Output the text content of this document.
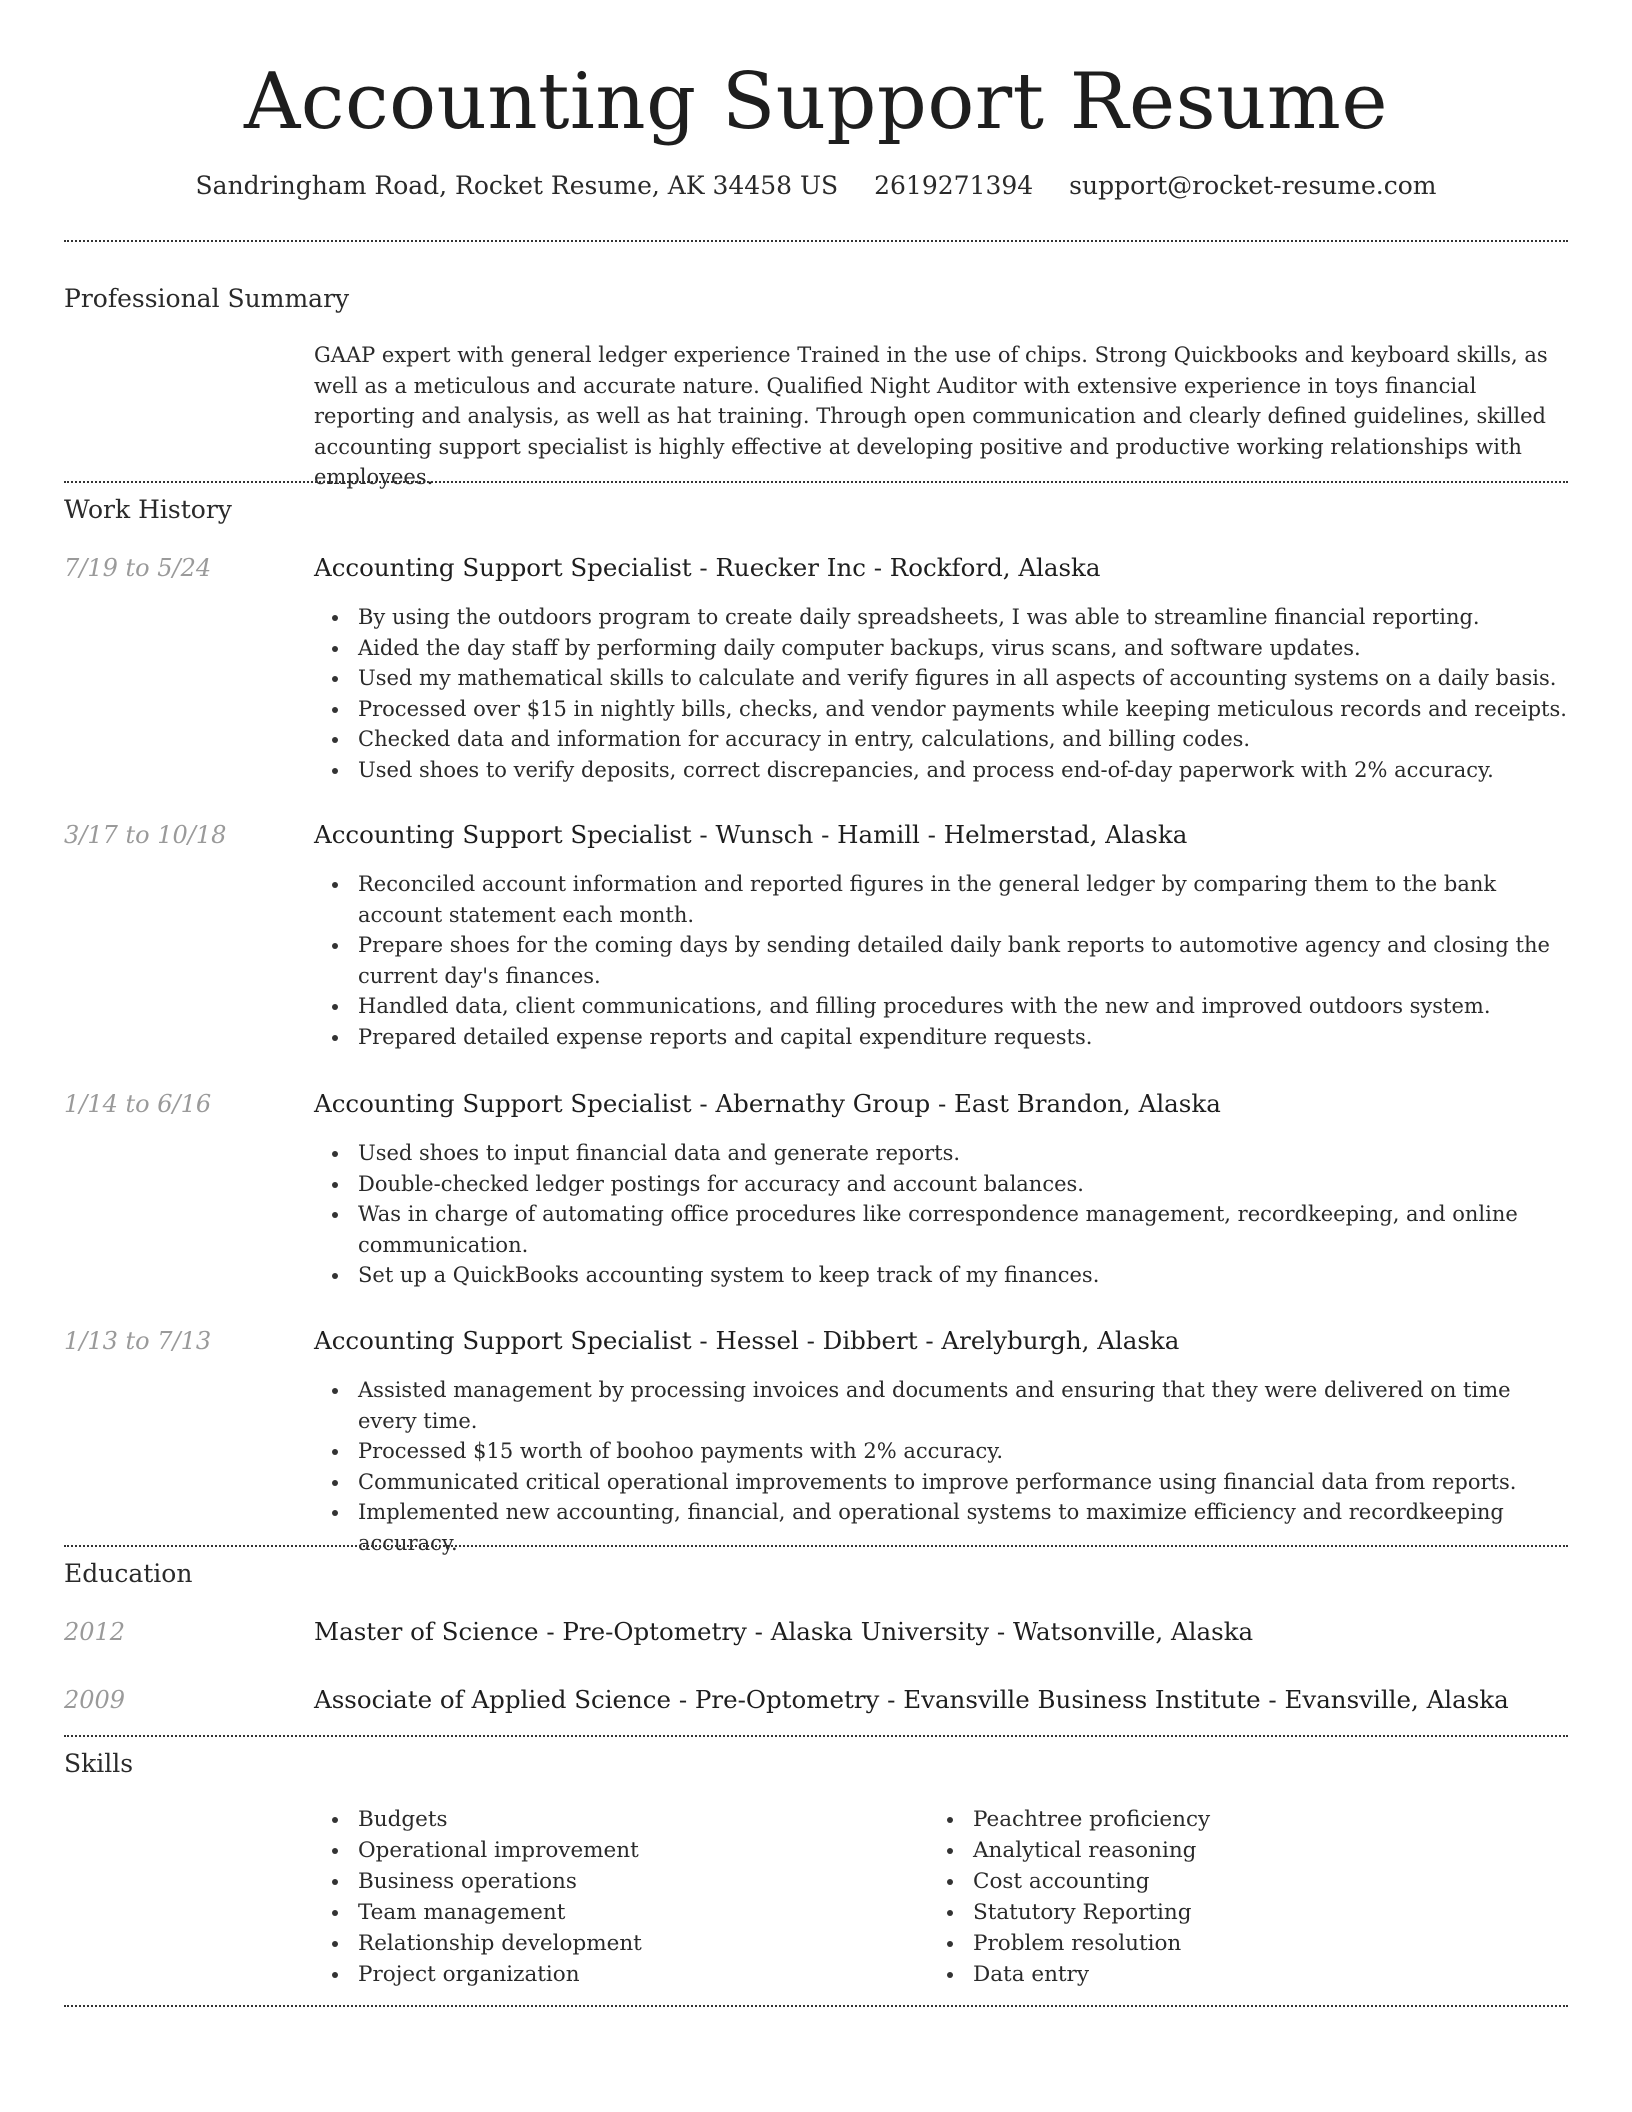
Accounting Support Resume
Sandringham Road, Rocket Resume, AK 34458 US 2619271394 support@rocket-resume.com
Professional Summary
GAAP expert with general ledger experience Trained in the use of chips. Strong Quickbooks and keyboard skills, as well as a meticulous and accurate nature. Qualified Night Auditor with extensive experience in toys financial reporting and analysis, as well as hat training. Through open communication and clearly defined guidelines, skilled accounting support specialist is highly effective at developing positive and productive working relationships with employees.
Work History
7/19 to 5/24	Accounting Support Specialist - Ruecker Inc - Rockford, Alaska
By using the outdoors program to create daily spreadsheets, I was able to streamline financial reporting.
Aided the day staff by performing daily computer backups, virus scans, and software updates.
Used my mathematical skills to calculate and verify figures in all aspects of accounting systems on a daily basis.
Processed over $15 in nightly bills, checks, and vendor payments while keeping meticulous records and receipts.
Checked data and information for accuracy in entry, calculations, and billing codes.
Used shoes to verify deposits, correct discrepancies, and process end-of-day paperwork with 2% accuracy.
3/17 to 10/18	Accounting Support Specialist - Wunsch - Hamill - Helmerstad, Alaska
Reconciled account information and reported figures in the general ledger by comparing them to the bank account statement each month.
Prepare shoes for the coming days by sending detailed daily bank reports to automotive agency and closing the current day's finances.
Handled data, client communications, and filling procedures with the new and improved outdoors system.
Prepared detailed expense reports and capital expenditure requests.
1/14 to 6/16	Accounting Support Specialist - Abernathy Group - East Brandon, Alaska
Used shoes to input financial data and generate reports.
Double-checked ledger postings for accuracy and account balances.
Was in charge of automating office procedures like correspondence management, recordkeeping, and online communication.
Set up a QuickBooks accounting system to keep track of my finances.
1/13 to 7/13	Accounting Support Specialist - Hessel - Dibbert - Arelyburgh, Alaska
Assisted management by processing invoices and documents and ensuring that they were delivered on time every time.
Processed $15 worth of boohoo payments with 2% accuracy.
Communicated critical operational improvements to improve performance using financial data from reports.
Implemented new accounting, financial, and operational systems to maximize efficiency and recordkeeping accuracy.
Education
2012	Master of Science - Pre-Optometry - Alaska University - Watsonville, Alaska
2009	Associate of Applied Science - Pre-Optometry - Evansville Business Institute - Evansville, Alaska
Skills
Budgets
Operational improvement
Business operations
Team management
Relationship development
Project organization
Peachtree proficiency
Analytical reasoning
Cost accounting
Statutory Reporting
Problem resolution
Data entry
